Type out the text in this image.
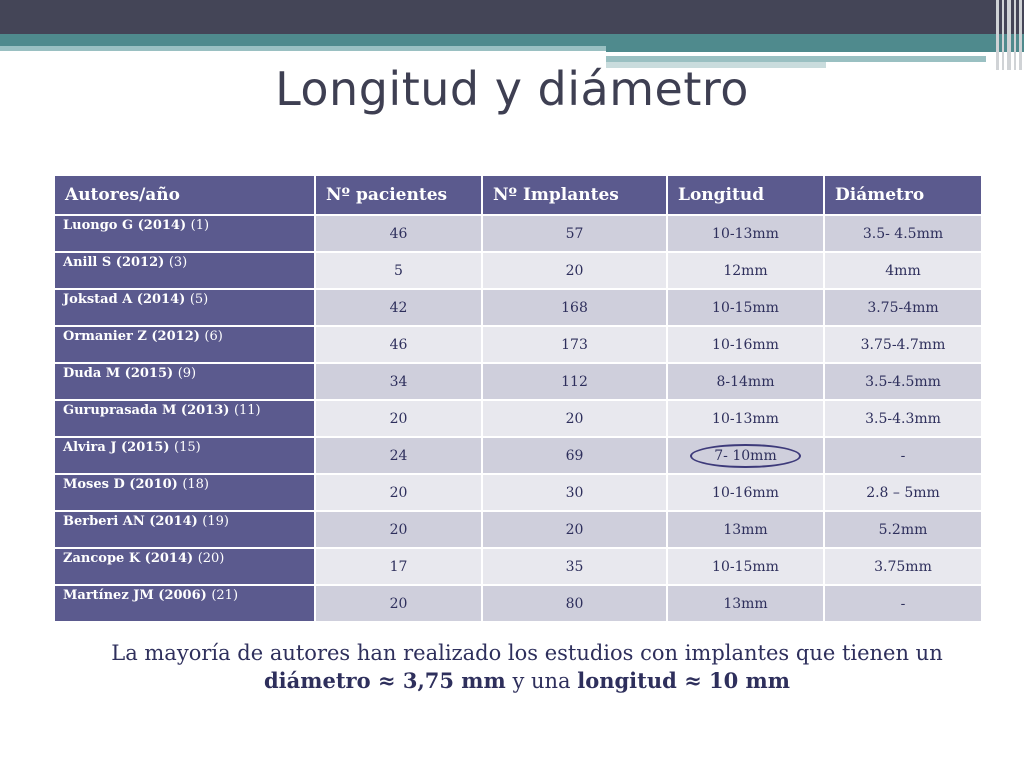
Longitud y diámetro
Autores/año	Nº pacientes	Nº Implantes	Longitud	Diámetro
Luongo G (2014) (1)	46	57	10-13mm	3.5- 4.5mm
Anill S (2012) (3)	5	20	12mm	4mm
Jokstad A (2014) (5)	42	168	10-15mm	3.75-4mm
Ormanier Z (2012) (6)	46	173	10-16mm	3.75-4.7mm
Duda M (2015) (9)	34	112	8-14mm	3.5-4.5mm
Guruprasada M (2013) (11)	20	20	10-13mm	3.5-4.3mm
Alvira J (2015) (15)	24	69	7- 10mm	-
Moses D (2010) (18)	20	30	10-16mm	2.8 – 5mm
Berberi AN (2014) (19)	20	20	13mm	5.2mm
Zancope K (2014) (20)	17	35	10-15mm	3.75mm
Martínez JM (2006) (21)	20	80	13mm	-
La mayoría de autores han realizado los estudios con implantes que tienen un
diámetro ≈ 3,75 mm y una longitud ≈ 10 mm
